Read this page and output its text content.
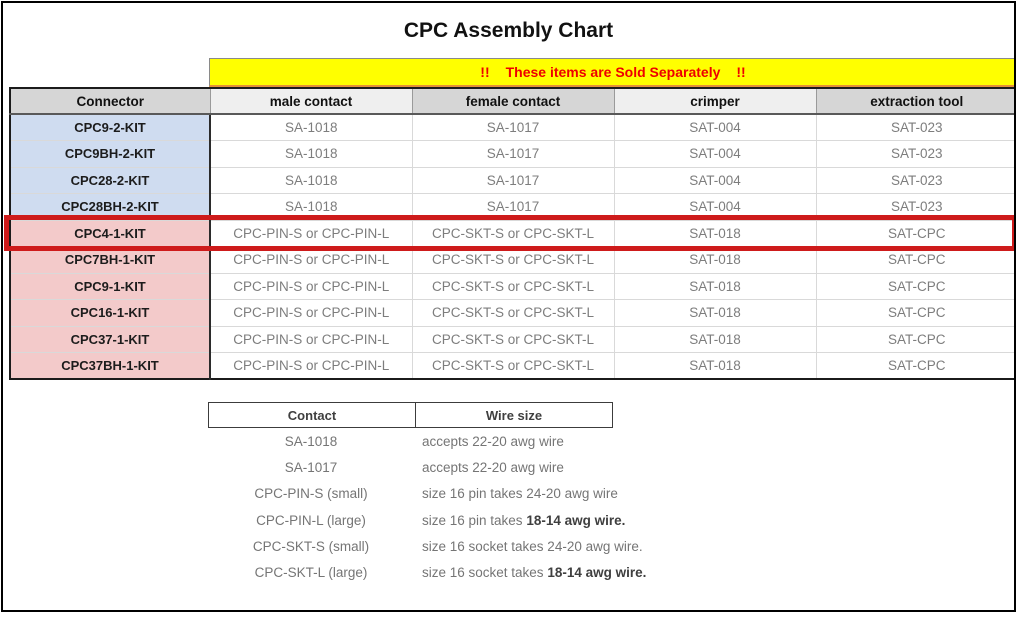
CPC Assembly Chart
!! These items are Sold Separately !!
Connector	male contact	female contact	crimper	extraction tool
CPC9-2-KIT	SA-1018	SA-1017	SAT-004	SAT-023
CPC9BH-2-KIT	SA-1018	SA-1017	SAT-004	SAT-023
CPC28-2-KIT	SA-1018	SA-1017	SAT-004	SAT-023
CPC28BH-2-KIT	SA-1018	SA-1017	SAT-004	SAT-023
CPC4-1-KIT	CPC-PIN-S or CPC-PIN-L	CPC-SKT-S or CPC-SKT-L	SAT-018	SAT-CPC
CPC7BH-1-KIT	CPC-PIN-S or CPC-PIN-L	CPC-SKT-S or CPC-SKT-L	SAT-018	SAT-CPC
CPC9-1-KIT	CPC-PIN-S or CPC-PIN-L	CPC-SKT-S or CPC-SKT-L	SAT-018	SAT-CPC
CPC16-1-KIT	CPC-PIN-S or CPC-PIN-L	CPC-SKT-S or CPC-SKT-L	SAT-018	SAT-CPC
CPC37-1-KIT	CPC-PIN-S or CPC-PIN-L	CPC-SKT-S or CPC-SKT-L	SAT-018	SAT-CPC
CPC37BH-1-KIT	CPC-PIN-S or CPC-PIN-L	CPC-SKT-S or CPC-SKT-L	SAT-018	SAT-CPC
Contact	Wire size
SA-1018	accepts 22-20 awg wire
SA-1017	accepts 22-20 awg wire
CPC-PIN-S (small)	size 16 pin takes 24-20 awg wire
CPC-PIN-L (large)	size 16 pin takes 18-14 awg wire.
CPC-SKT-S (small)	size 16 socket takes 24-20 awg wire.
CPC-SKT-L (large)	size 16 socket takes 18-14 awg wire.
